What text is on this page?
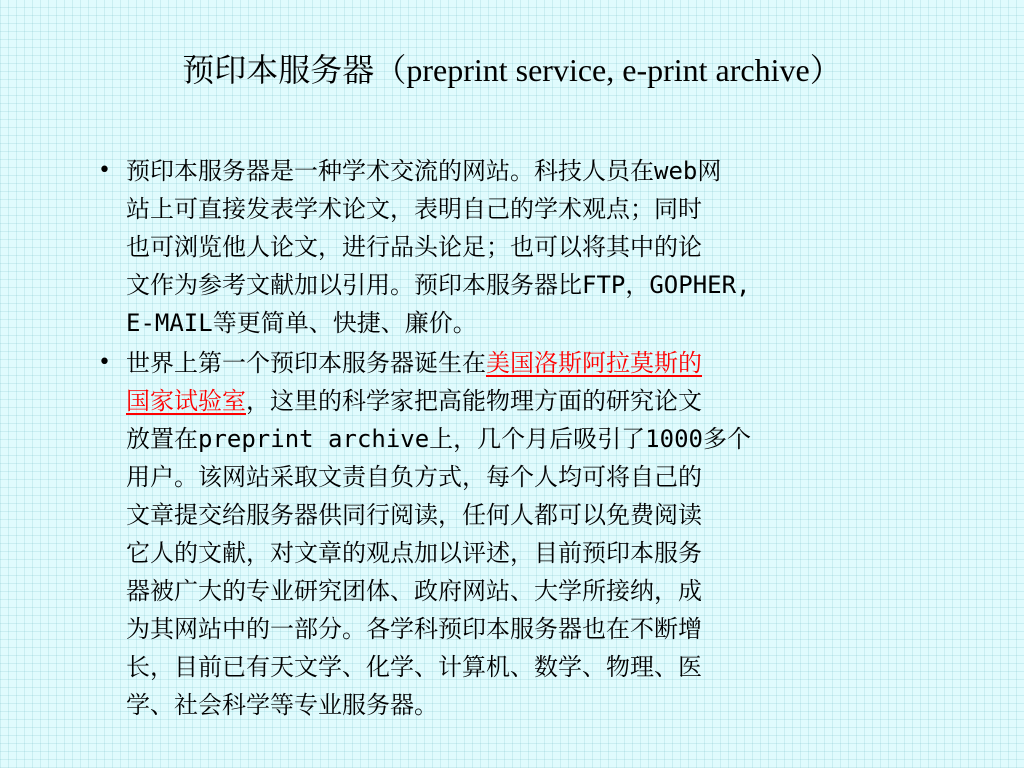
预印本服务器（preprint service, e-print archive）
• 预印本服务器是一种学术交流的网站。科技人员在web网
站上可直接发表学术论文，表明自己的学术观点；同时
也可浏览他人论文，进行品头论足；也可以将其中的论
文作为参考文献加以引用。预印本服务器比FTP，GOPHER,
E-MAIL等更简单、快捷、廉价。
• 世界上第一个预印本服务器诞生在美国洛斯阿拉莫斯的
国家试验室，这里的科学家把高能物理方面的研究论文
放置在preprint archive上，几个月后吸引了1000多个
用户。该网站采取文责自负方式，每个人均可将自己的
文章提交给服务器供同行阅读，任何人都可以免费阅读
它人的文献，对文章的观点加以评述，目前预印本服务
器被广大的专业研究团体、政府网站、大学所接纳，成
为其网站中的一部分。各学科预印本服务器也在不断增
长，目前已有天文学、化学、计算机、数学、物理、医
学、社会科学等专业服务器。
